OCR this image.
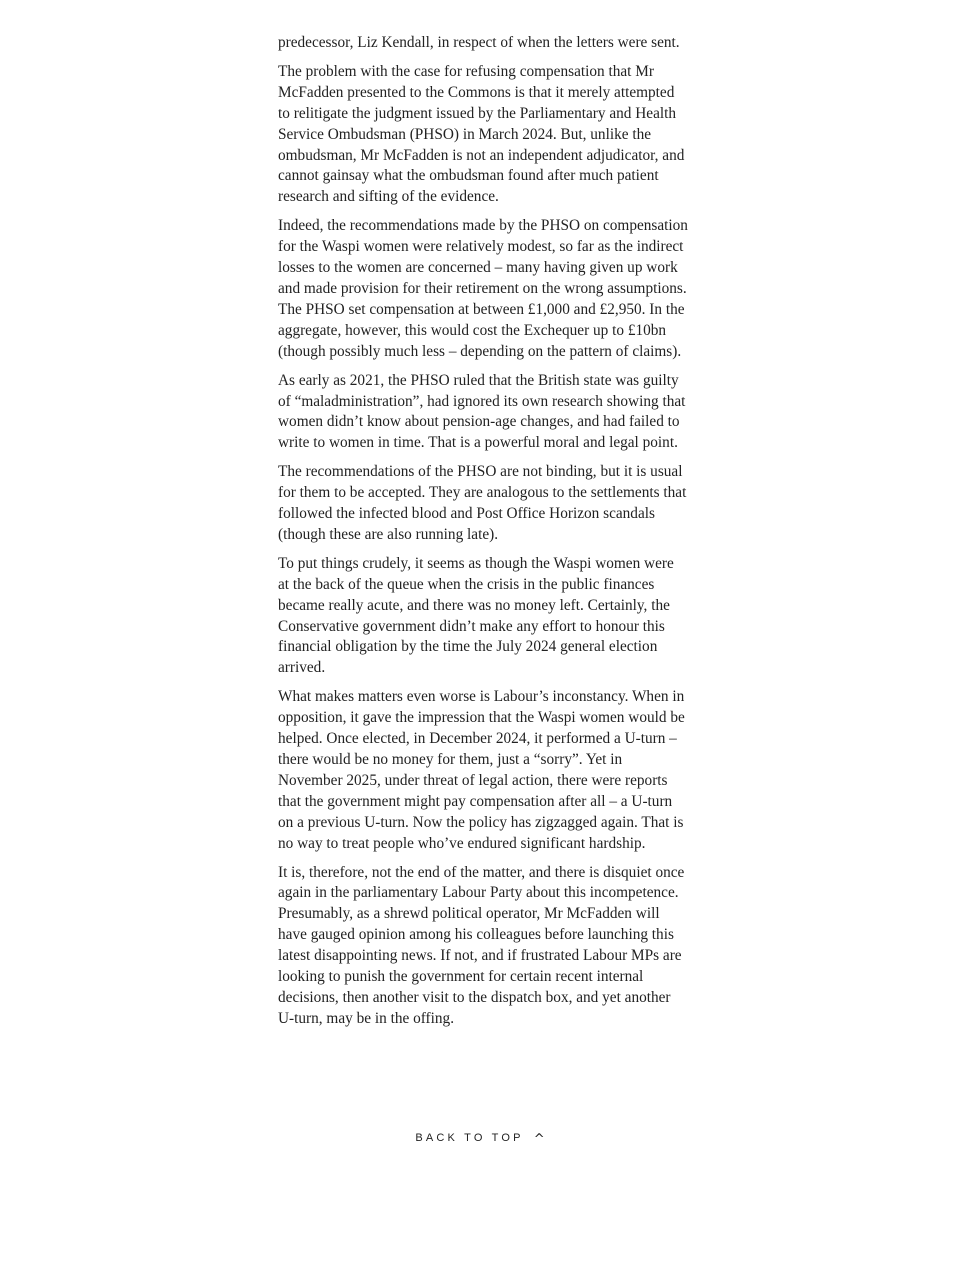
predecessor, Liz Kendall, in respect of when the letters were sent.

The problem with the case for refusing compensation that Mr McFadden presented to the Commons is that it merely attempted to relitigate the judgment issued by the Parliamentary and Health Service Ombudsman (PHSO) in March 2024. But, unlike the ombudsman, Mr McFadden is not an independent adjudicator, and cannot gainsay what the ombudsman found after much patient research and sifting of the evidence.

Indeed, the recommendations made by the PHSO on compensation for the Waspi women were relatively modest, so far as the indirect losses to the women are concerned – many having given up work and made provision for their retirement on the wrong assumptions. The PHSO set compensation at between £1,000 and £2,950. In the aggregate, however, this would cost the Exchequer up to £10bn (though possibly much less – depending on the pattern of claims).

As early as 2021, the PHSO ruled that the British state was guilty of “maladministration”, had ignored its own research showing that women didn’t know about pension-age changes, and had failed to write to women in time. That is a powerful moral and legal point.

The recommendations of the PHSO are not binding, but it is usual for them to be accepted. They are analogous to the settlements that followed the infected blood and Post Office Horizon scandals (though these are also running late).

To put things crudely, it seems as though the Waspi women were at the back of the queue when the crisis in the public finances became really acute, and there was no money left. Certainly, the Conservative government didn’t make any effort to honour this financial obligation by the time the July 2024 general election arrived.

What makes matters even worse is Labour’s inconstancy. When in opposition, it gave the impression that the Waspi women would be helped. Once elected, in December 2024, it performed a U-turn – there would be no money for them, just a “sorry”. Yet in November 2025, under threat of legal action, there were reports that the government might pay compensation after all – a U-turn on a previous U-turn. Now the policy has zigzagged again. That is no way to treat people who’ve endured significant hardship.

It is, therefore, not the end of the matter, and there is disquiet once again in the parliamentary Labour Party about this incompetence. Presumably, as a shrewd political operator, Mr McFadden will have gauged opinion among his colleagues before launching this latest disappointing news. If not, and if frustrated Labour MPs are looking to punish the government for certain recent internal decisions, then another visit to the dispatch box, and yet another U-turn, may be in the offing.

BACK TO TOP ^
